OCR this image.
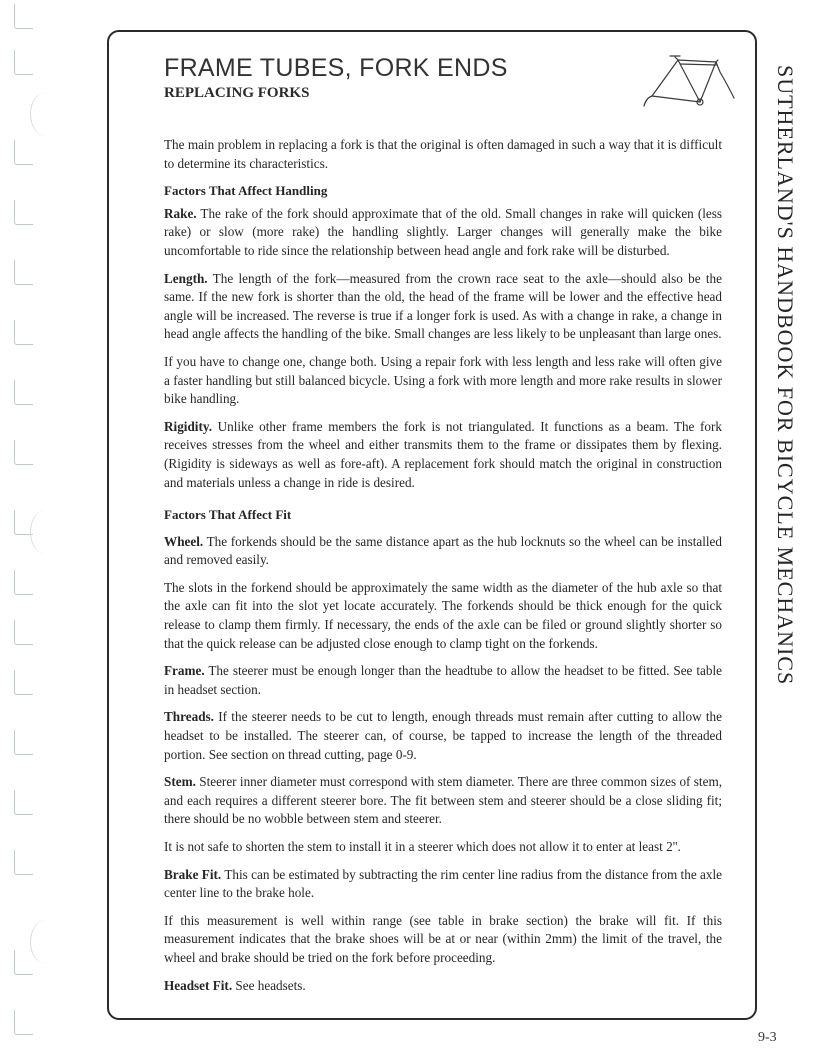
FRAME TUBES, FORK ENDS
REPLACING FORKS

The main problem in replacing a fork is that the original is often damaged in such a way that it is difficult to determine its characteristics.

Factors That Affect Handling

Rake. The rake of the fork should approximate that of the old. Small changes in rake will quicken (less rake) or slow (more rake) the handling slightly. Larger changes will generally make the bike uncomfortable to ride since the relationship between head angle and fork rake will be disturbed.

Length. The length of the fork—measured from the crown race seat to the axle—should also be the same. If the new fork is shorter than the old, the head of the frame will be lower and the effective head angle will be increased. The reverse is true if a longer fork is used. As with a change in rake, a change in head angle affects the handling of the bike. Small changes are less likely to be unpleasant than large ones.

If you have to change one, change both. Using a repair fork with less length and less rake will often give a faster handling but still balanced bicycle. Using a fork with more length and more rake results in slower bike handling.

Rigidity. Unlike other frame members the fork is not triangulated. It functions as a beam. The fork receives stresses from the wheel and either transmits them to the frame or dissipates them by flexing. (Rigidity is sideways as well as fore-aft). A replacement fork should match the original in construction and materials unless a change in ride is desired.

Factors That Affect Fit

Wheel. The forkends should be the same distance apart as the hub locknuts so the wheel can be installed and removed easily.

The slots in the forkend should be approximately the same width as the diameter of the hub axle so that the axle can fit into the slot yet locate accurately. The forkends should be thick enough for the quick release to clamp them firmly. If necessary, the ends of the axle can be filed or ground slightly shorter so that the quick release can be adjusted close enough to clamp tight on the forkends.

Frame. The steerer must be enough longer than the headtube to allow the headset to be fitted. See table in headset section.

Threads. If the steerer needs to be cut to length, enough threads must remain after cutting to allow the headset to be installed. The steerer can, of course, be tapped to increase the length of the threaded portion. See section on thread cutting, page 0-9.

Stem. Steerer inner diameter must correspond with stem diameter. There are three common sizes of stem, and each requires a different steerer bore. The fit between stem and steerer should be a close sliding fit; there should be no wobble between stem and steerer.

It is not safe to shorten the stem to install it in a steerer which does not allow it to enter at least 2''.

Brake Fit. This can be estimated by subtracting the rim center line radius from the distance from the axle center line to the brake hole.

If this measurement is well within range (see table in brake section) the brake will fit. If this measurement indicates that the brake shoes will be at or near (within 2mm) the limit of the travel, the wheel and brake should be tried on the fork before proceeding.

Headset Fit. See headsets.

SUTHERLAND'S HANDBOOK FOR BICYCLE MECHANICS
9-3
